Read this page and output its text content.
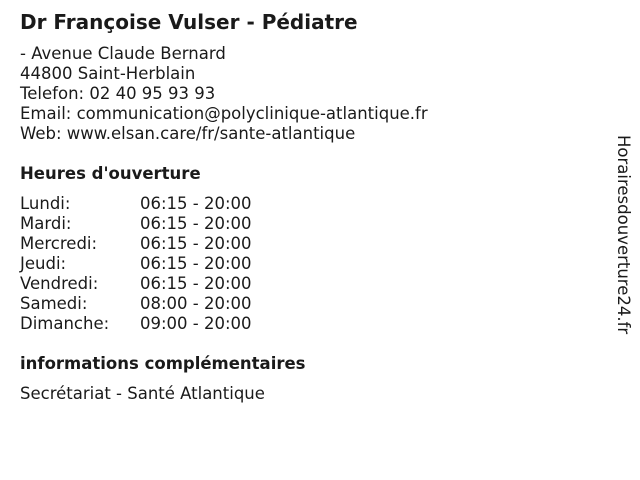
Dr Françoise Vulser - Pédiatre
- Avenue Claude Bernard
44800 Saint-Herblain
Telefon: 02 40 95 93 93
Email: communication@polyclinique-atlantique.fr
Web: www.elsan.care/fr/sante-atlantique
Heures d'ouverture
Lundi:	06:15 - 20:00
Mardi:	06:15 - 20:00
Mercredi:	06:15 - 20:00
Jeudi:	06:15 - 20:00
Vendredi:	06:15 - 20:00
Samedi:	08:00 - 20:00
Dimanche: 09:00 - 20:00
informations complémentaires
Secrétariat - Santé Atlantique
Horairesdouverture24.fr
